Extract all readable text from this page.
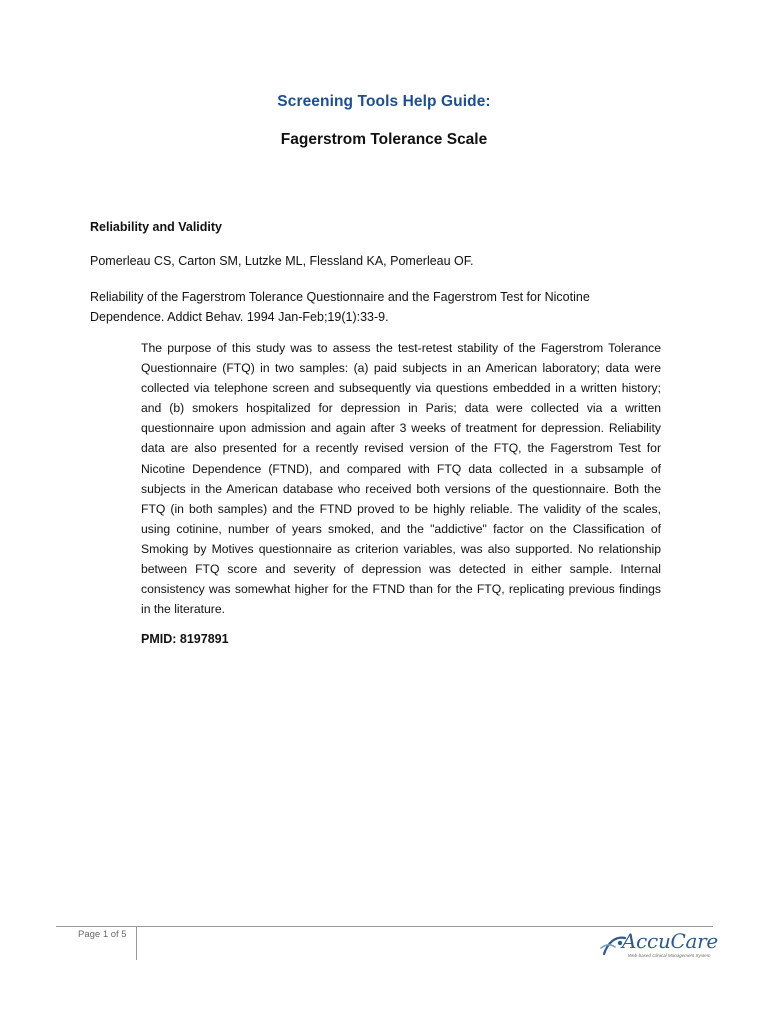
Screening Tools Help Guide:
Fagerstrom Tolerance Scale
Reliability and Validity
Pomerleau CS, Carton SM, Lutzke ML, Flessland KA, Pomerleau OF.
Reliability of the Fagerstrom Tolerance Questionnaire and the Fagerstrom Test for Nicotine Dependence. Addict Behav. 1994 Jan-Feb;19(1):33-9.
The purpose of this study was to assess the test-retest stability of the Fagerstrom Tolerance Questionnaire (FTQ) in two samples: (a) paid subjects in an American laboratory; data were collected via telephone screen and subsequently via questions embedded in a written history; and (b) smokers hospitalized for depression in Paris; data were collected via a written questionnaire upon admission and again after 3 weeks of treatment for depression. Reliability data are also presented for a recently revised version of the FTQ, the Fagerstrom Test for Nicotine Dependence (FTND), and compared with FTQ data collected in a subsample of subjects in the American database who received both versions of the questionnaire. Both the FTQ (in both samples) and the FTND proved to be highly reliable. The validity of the scales, using cotinine, number of years smoked, and the "addictive" factor on the Classification of Smoking by Motives questionnaire as criterion variables, was also supported. No relationship between FTQ score and severity of depression was detected in either sample. Internal consistency was somewhat higher for the FTND than for the FTQ, replicating previous findings in the literature.
PMID: 8197891
Page 1 of 5	AccuCare
Web-based Clinical Management System
